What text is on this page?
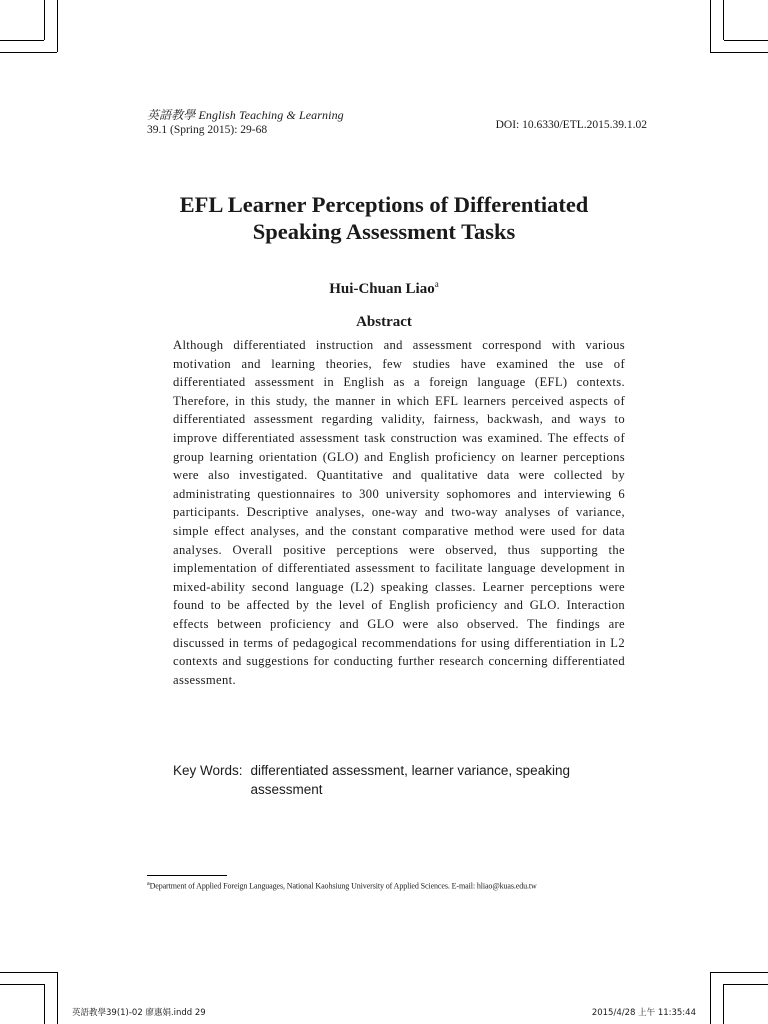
英語教學 English Teaching & Learning
39.1 (Spring 2015): 29-68	DOI: 10.6330/ETL.2015.39.1.02
EFL Learner Perceptions of Differentiated
Speaking Assessment Tasks
Hui-Chuan Liao$^a$
Abstract

Although differentiated instruction and assessment correspond with various motivation and learning theories, few studies have examined the use of differentiated assessment in English as a foreign language (EFL) contexts. Therefore, in this study, the manner in which EFL learners perceived aspects of differentiated assessment regarding validity, fairness, backwash, and ways to improve differentiated assessment task construction was examined. The effects of group learning orientation (GLO) and English proficiency on learner perceptions were also investigated. Quantitative and qualitative data were collected by administrating questionnaires to 300 university sophomores and interviewing 6 participants. Descriptive analyses, one-way and two-way analyses of variance, simple effect analyses, and the constant comparative method were used for data analyses. Overall positive perceptions were observed, thus supporting the implementation of differentiated assessment to facilitate language development in mixed-ability second language (L2) speaking classes. Learner perceptions were found to be affected by the level of English proficiency and GLO. Interaction effects between proficiency and GLO were also observed. The findings are discussed in terms of pedagogical recommendations for using differentiation in L2 contexts and suggestions for conducting further research concerning differentiated assessment.

Key Words: differentiated assessment, learner variance, speaking assessment
$^a$Department of Applied Foreign Languages, National Kaohsiung University of Applied Sciences. E-mail: hliao@kuas.edu.tw
英語教學39(1)-02 廖惠娟.indd 29	2015/4/28 上午 11:35:44
